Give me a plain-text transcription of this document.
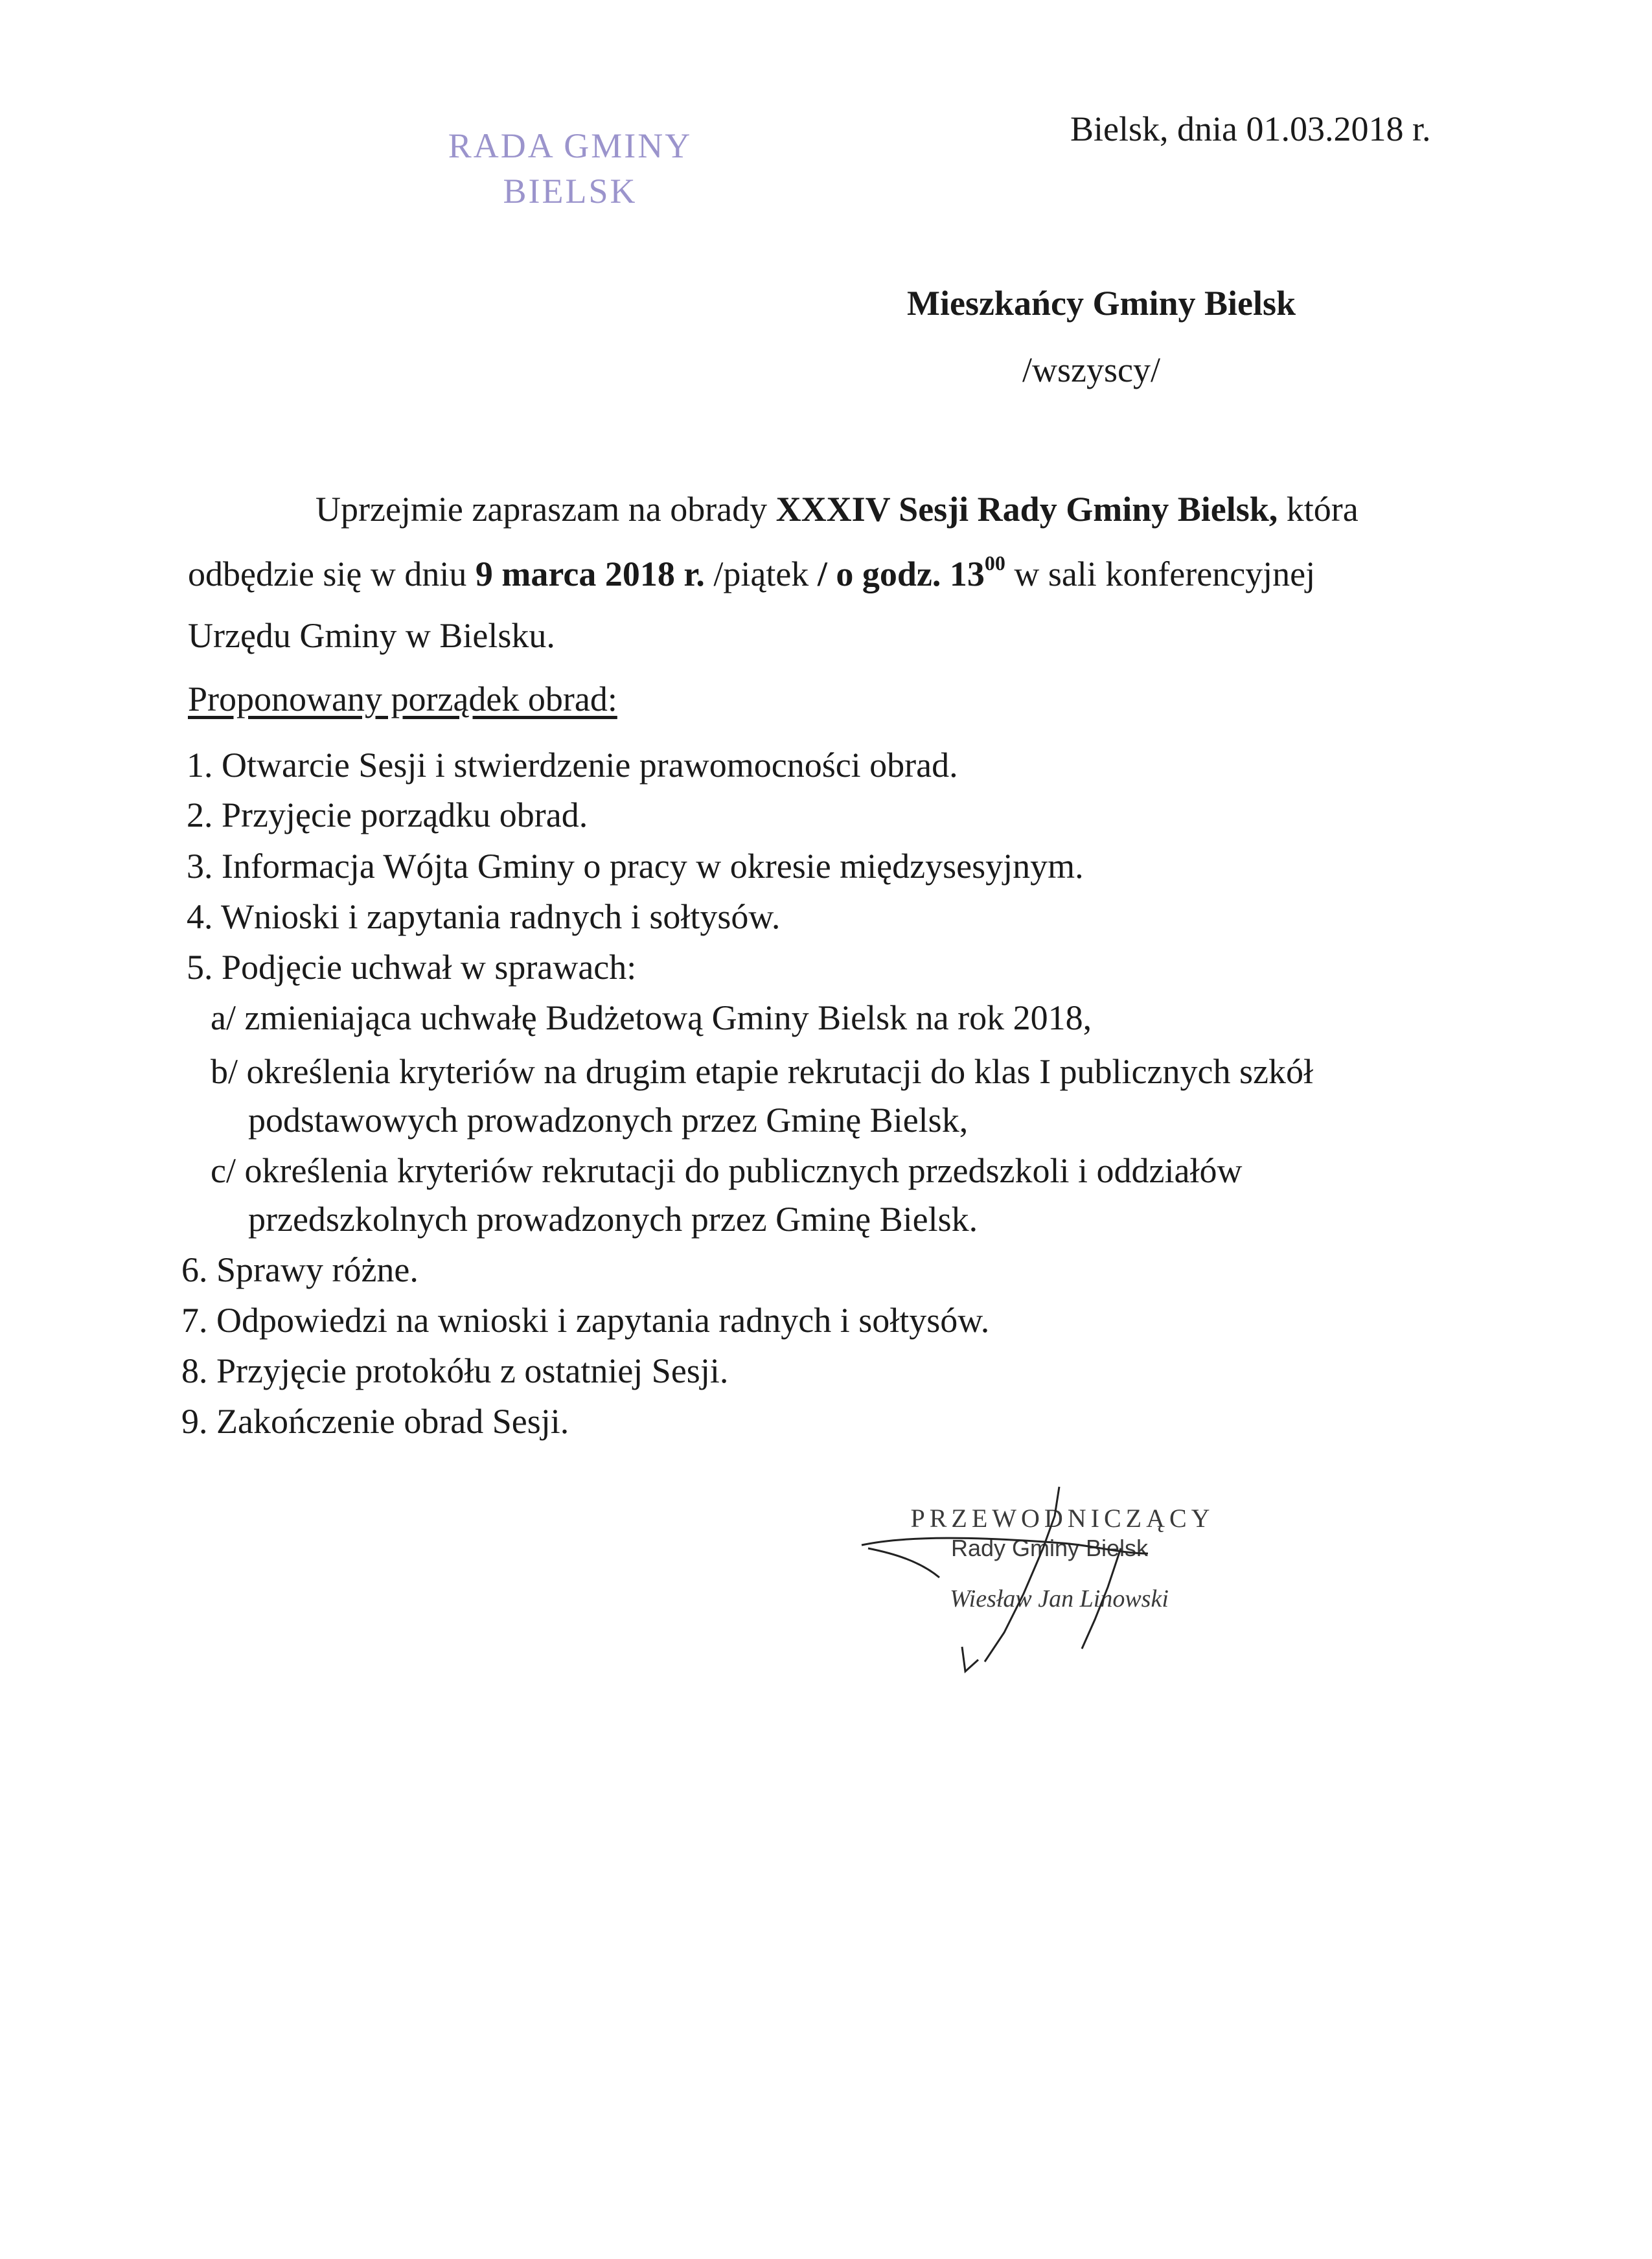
RADA GMINY
BIELSK
Bielsk, dnia 01.03.2018 r.
Mieszkańcy Gminy Bielsk
/wszyscy/
Uprzejmie zapraszam na obrady XXXIV Sesji Rady Gminy Bielsk, która
odbędzie się w dniu 9 marca 2018 r. /piątek / o godz. $13^{00}$ w sali konferencyjnej
Urzędu Gminy w Bielsku.
Proponowany porządek obrad:
1. Otwarcie Sesji i stwierdzenie prawomocności obrad.
2. Przyjęcie porządku obrad.
3. Informacja Wójta Gminy o pracy w okresie międzysesyjnym.
4. Wnioski i zapytania radnych i sołtysów.
5. Podjęcie uchwał w sprawach:
a/ zmieniająca uchwałę Budżetową Gminy Bielsk na rok 2018,
b/ określenia kryteriów na drugim etapie rekrutacji do klas I publicznych szkół
podstawowych prowadzonych przez Gminę Bielsk,
c/ określenia kryteriów rekrutacji do publicznych przedszkoli i oddziałów
przedszkolnych prowadzonych przez Gminę Bielsk.
6. Sprawy różne.
7. Odpowiedzi na wnioski i zapytania radnych i sołtysów.
8. Przyjęcie protokółu z ostatniej Sesji.
9. Zakończenie obrad Sesji.
PRZEWODNICZĄCY
Rady Gminy Bielsk
Wiesław Jan Linowski
